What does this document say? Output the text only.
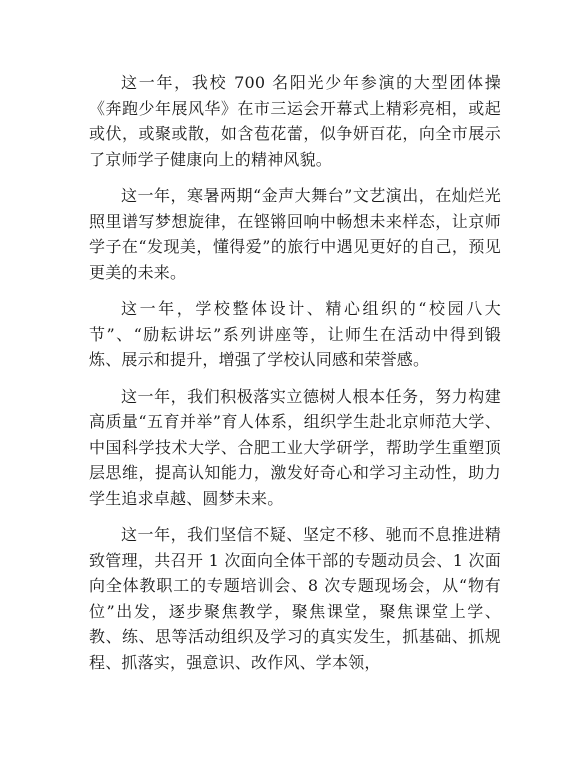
这一年，我校 700 名阳光少年参演的大型团体操《奔跑少年展风华》在市三运会开幕式上精彩亮相，或起或伏，或聚或散，如含苞花蕾，似争妍百花，向全市展示了京师学子健康向上的精神风貌。

这一年，寒暑两期“金声大舞台”文艺演出，在灿烂光照里谱写梦想旋律，在铿锵回响中畅想未来样态，让京师学子在“发现美，懂得爱”的旅行中遇见更好的自己，预见更美的未来。

这一年，学校整体设计、精心组织的“校园八大节”、“励耘讲坛”系列讲座等，让师生在活动中得到锻炼、展示和提升，增强了学校认同感和荣誉感。

这一年，我们积极落实立德树人根本任务，努力构建高质量“五育并举”育人体系，组织学生赴北京师范大学、中国科学技术大学、合肥工业大学研学，帮助学生重塑顶层思维，提高认知能力，激发好奇心和学习主动性，助力学生追求卓越、圆梦未来。

这一年，我们坚信不疑、坚定不移、驰而不息推进精致管理，共召开 1 次面向全体干部的专题动员会、1 次面向全体教职工的专题培训会、8 次专题现场会，从“物有位”出发，逐步聚焦教学，聚焦课堂，聚焦课堂上学、教、练、思等活动组织及学习的真实发生，抓基础、抓规程、抓落实，强意识、改作风、学本领，
